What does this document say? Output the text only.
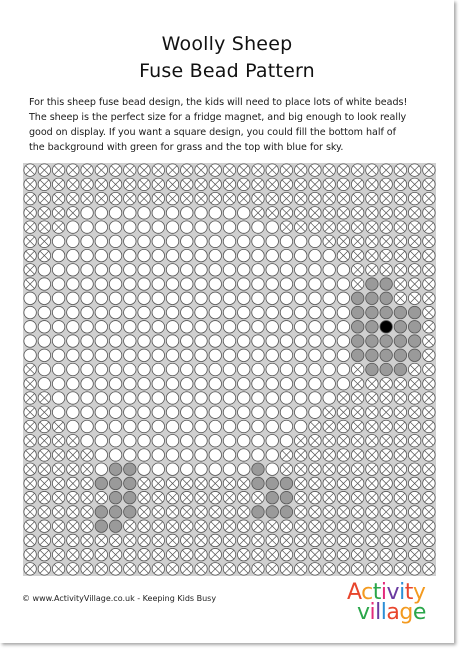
Woolly Sheep
Fuse Bead Pattern
For this sheep fuse bead design, the kids will need to place lots of white beads!
The sheep is the perfect size for a fridge magnet, and big enough to look really
good on display. If you want a square design, you could fill the bottom half of
the background with green for grass and the top with blue for sky.
© www.ActivityVillage.co.uk - Keeping Kids Busy	Activity
village
